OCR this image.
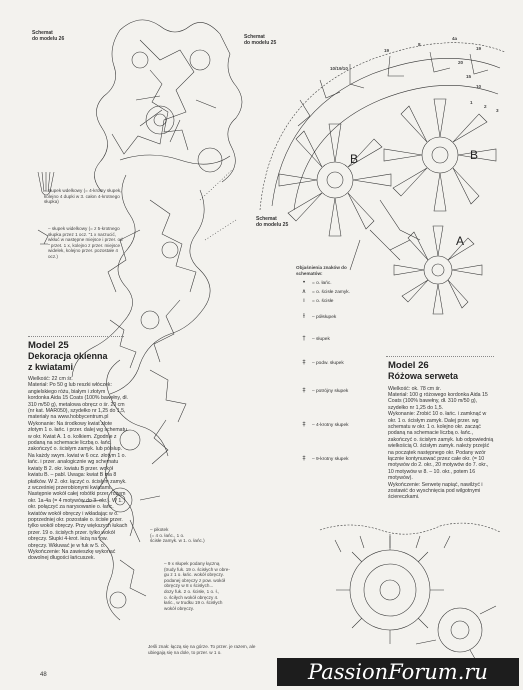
Schemat
do modelu 26	Schemat
do modelu 25
Schemat
do modelu 25
10/19/10
19
8
4a
19
20
15
10
1
2
3
B	B
A
– słupek wdelkowy (= 4-krotny słupek, kolejno 4 dupki w 3. całon 4-krotnego słupka)
– słupek widelkowy (= z 5-krotnego słupka przez 1 ocz. "1 x narzucić, wkłuć w następne miejsce i przer. od " przet. 1 x, kolejno z przer. miejsce widelek, kolejno przer. pozostałe 4 ocz.)
Objaśnienia znaków do schematów:
• = o. łańc.
∧ = o. ścisłe zamyk.
ı = o. ścisłe
ƚ – półsłupek
† – słupek
‡ – podw. słupek
‡ – potrójny słupek
‡ – 4-krotny słupek
‡ – 9-krotny słupek
Model 25
Dekoracja okienna
z kwiatami
Wielkość: 22 cm śr.
Materiał: Po 50 g lub reszki włóczek: angielskiego różu, białym i złotym kordonka Aida 15 Coats (100% bawełny, dł. 310 m/50 g), metalowa obręcz o śr. 20 cm (nr kat. MAR050), szydełko nr 1,25 do 1,5, materiały na www.hobbycentrum.pl
Wykonanie: Na środkowy kwiat złote złotym 1 o. łańc. i przer. dalej wg schematu w okr. Kwiat A. 1 o. kolkiem. Zgodnie z podaną na schemacie liczbą o. łańc. zakończyć o. ścisłym zamyk. lub pólsłup. Na każdy swym. kwiat w 6 ocz. złotym 1 o. łańc. i przer. analogicznie wg schematu kwiaty B 2. okr. kwiatu B przer. wokół kwiatu B. – pabl. Uwaga: kwiat B ma 8 płatków. W 2. okr. łączyć o. ścisłym zamyk. z wcześniej przerobionymi kwiatami. Następnie wokół całej robótki przer. różem okr. 1a-4a (= 4 motywów do 3. okr.). W 1. okr. połączyć za narysowanie o. łańc. kwiatów wokół obręczy i wkładając w o. poprzedniej okr. pozostałe o. ścisłe przer. tylko wokół obręczy. Przy większych łukach przer. 19 o. ścisłych przer. tylko wokół obręczy. Słupki 4-krot. leżą na tow. obręczy. Wkłuwać je w fuk w 5. o.
Wykończenie: Na zawieszkę wykonać dowolnej długości łańcuszek.
Model 26
Różowa serweta
Wielkość: ok. 78 cm śr.
Materiał: 100 g różowego kordonka Aida 15 Coats (100% bawełny, dł. 310 m/50 g), szydełko nr 1,25 do 1,5.
Wykonanie: Zrobić 10 o. łańc. i zamknąć w okr. 1 o. ścisłym zamyk. Dalej przer. wg schematu w okr. 1 o. kolejno okr. zacząć podaną na schemacie liczbą o. łańc., zakończyć o. ścisłym zamyk. lub odpowiednią wielkością O. ścisłym zamyk. należy przejść na początek następnego okr. Podany wzór łącznie kontynuować przez całe okr. (= 10 motywów do 2. okr., 20 motywów do 7. okr., 10 motywów w 8. – 10. okr., potem 16 motywów).
Wykończenie: Serwetę napiąć, nawilżyć i zostawić do wyschnięcia pod wilgotnymi ściereczkami.
– pikotek
(= 4 o. łańc., 1 o.
ścisłe zamyk. w 1. o. łańc.)
– 9 x słupek podany łączną
(trudy fuk. 19 o. ścisłych w obre-
gu z 1 o. łańc. wokół obręczy.
podanej obręczy z pow. wokół
obręczy w 8 x ścisłych...
dozy fuk. 2 o. ścisłe, 1 o. ł.,
o. ściłych wokół obręczy 4.
łańc., w trudku 19 o. ścisłych
wokół obręczy.
Jeśli znak: łączą się na górze. To przer. je razem, ale
ubiegają się na dole, to przer. w 1 o.
48	PassionForum.ru
